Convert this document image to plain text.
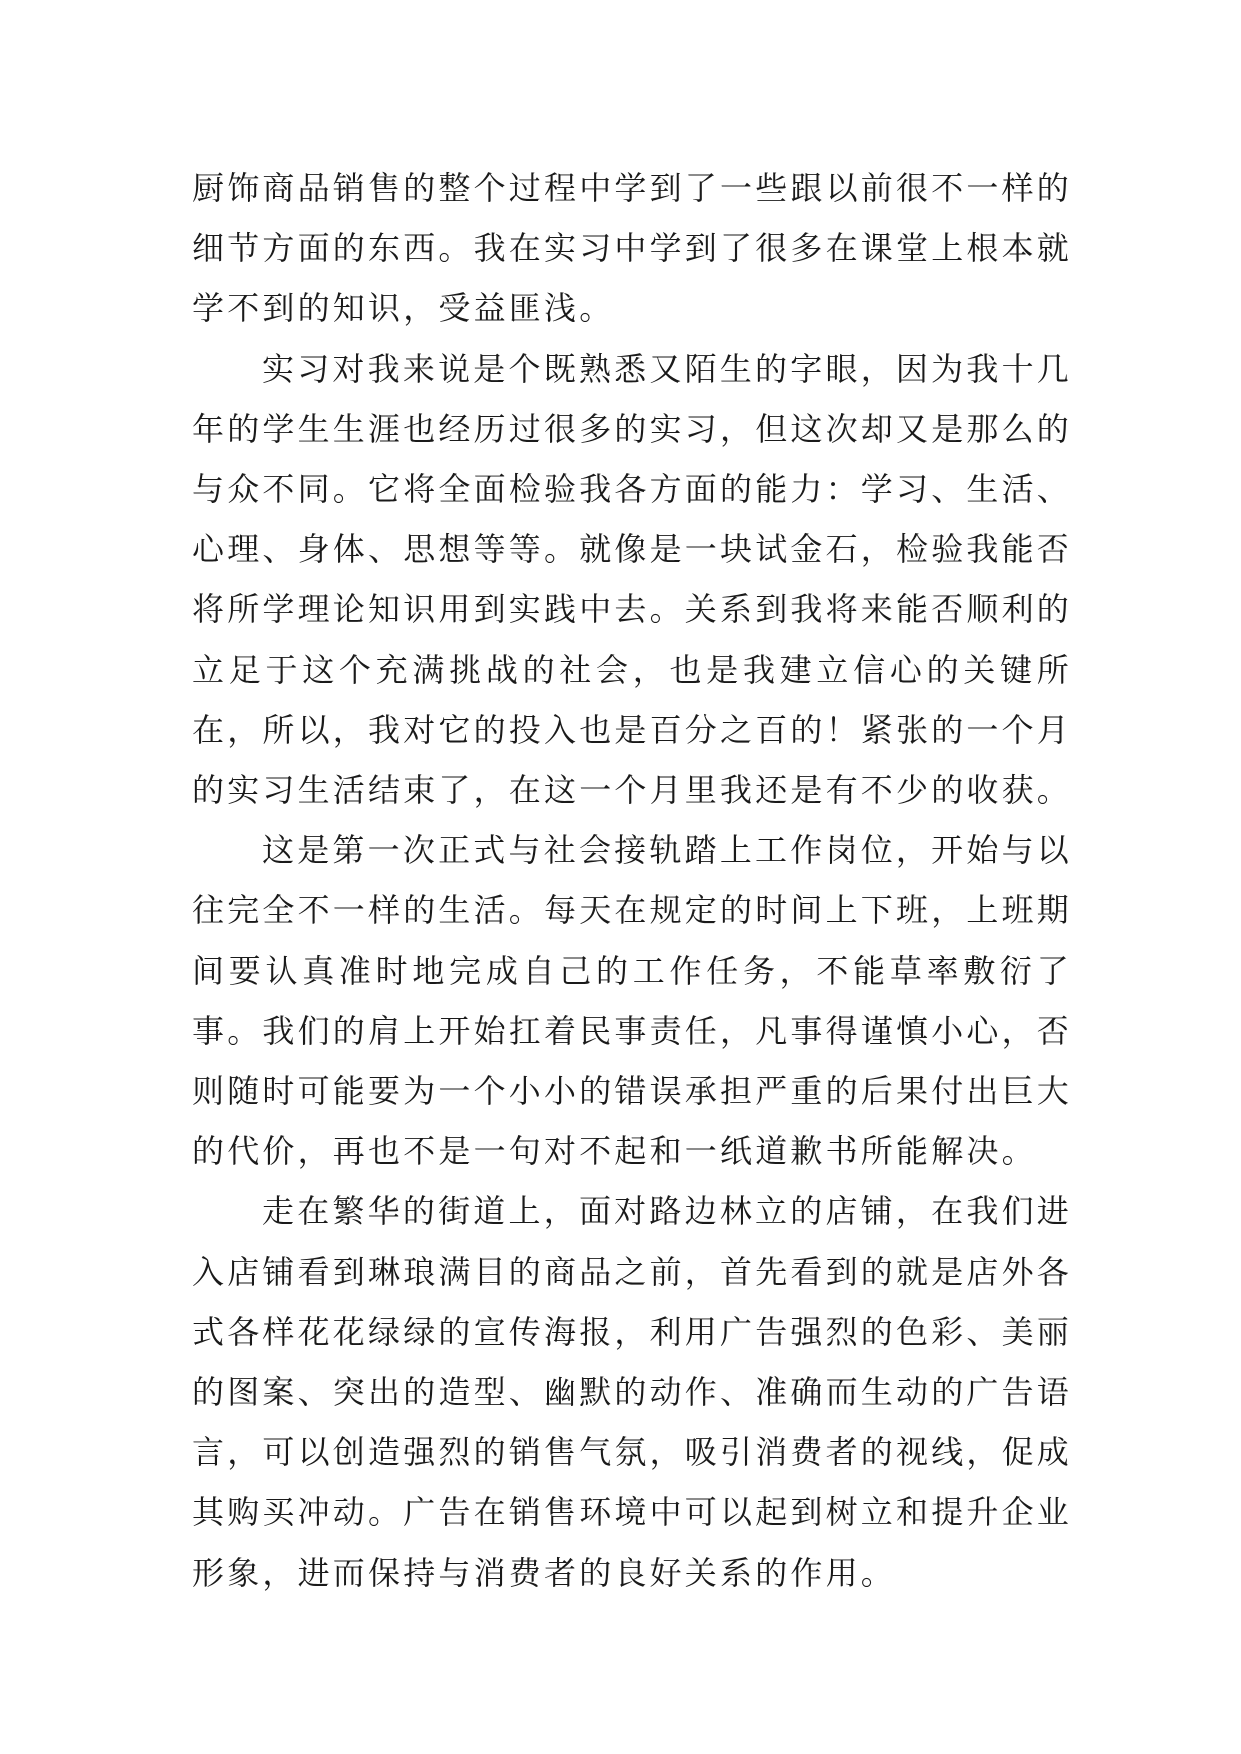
厨饰商品销售的整个过程中学到了一些跟以前很不一样的细节方面的东西。我在实习中学到了很多在课堂上根本就学不到的知识，受益匪浅。

实习对我来说是个既熟悉又陌生的字眼，因为我十几年的学生生涯也经历过很多的实习，但这次却又是那么的与众不同。它将全面检验我各方面的能力：学习、生活、心理、身体、思想等等。就像是一块试金石，检验我能否将所学理论知识用到实践中去。关系到我将来能否顺利的立足于这个充满挑战的社会，也是我建立信心的关键所在，所以，我对它的投入也是百分之百的！紧张的一个月的实习生活结束了，在这一个月里我还是有不少的收获。

这是第一次正式与社会接轨踏上工作岗位，开始与以往完全不一样的生活。每天在规定的时间上下班，上班期间要认真准时地完成自己的工作任务，不能草率敷衍了事。我们的肩上开始扛着民事责任，凡事得谨慎小心，否则随时可能要为一个小小的错误承担严重的后果付出巨大的代价，再也不是一句对不起和一纸道歉书所能解决。

走在繁华的街道上，面对路边林立的店铺，在我们进入店铺看到琳琅满目的商品之前，首先看到的就是店外各式各样花花绿绿的宣传海报，利用广告强烈的色彩、美丽的图案、突出的造型、幽默的动作、准确而生动的广告语言，可以创造强烈的销售气氛，吸引消费者的视线，促成其购买冲动。广告在销售环境中可以起到树立和提升企业形象，进而保持与消费者的良好关系的作用。
